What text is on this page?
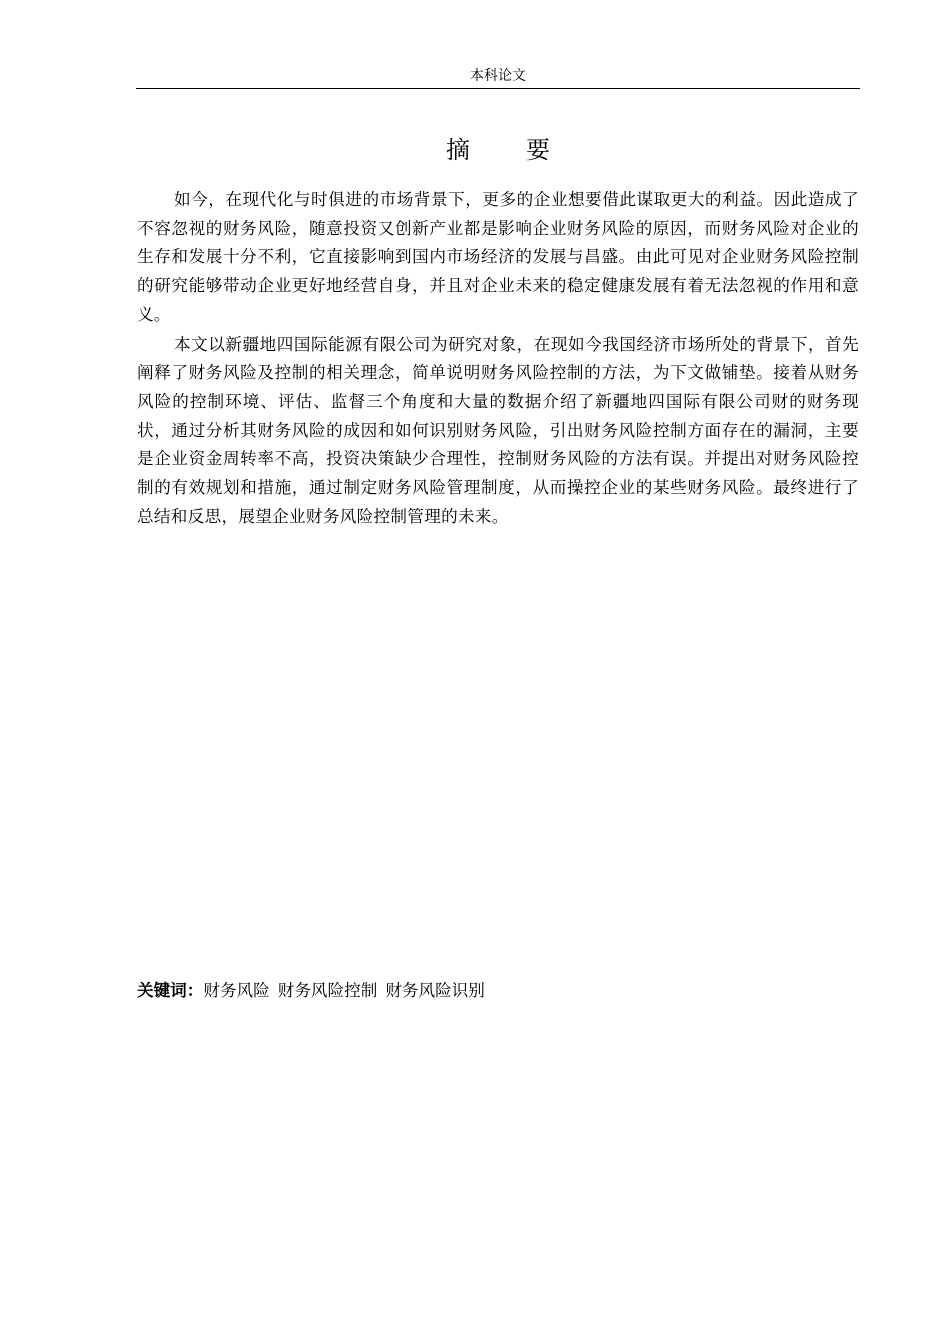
本科论文
摘　要

如今，在现代化与时俱进的市场背景下，更多的企业想要借此谋取更大的利益。因此造成了不容忽视的财务风险，随意投资又创新产业都是影响企业财务风险的原因，而财务风险对企业的生存和发展十分不利，它直接影响到国内市场经济的发展与昌盛。由此可见对企业财务风险控制的研究能够带动企业更好地经营自身，并且对企业未来的稳定健康发展有着无法忽视的作用和意义。

本文以新疆地四国际能源有限公司为研究对象，在现如今我国经济市场所处的背景下，首先阐释了财务风险及控制的相关理念，简单说明财务风险控制的方法，为下文做铺垫。接着从财务风险的控制环境、评估、监督三个角度和大量的数据介绍了新疆地四国际有限公司财的财务现状，通过分析其财务风险的成因和如何识别财务风险，引出财务风险控制方面存在的漏洞，主要是企业资金周转率不高，投资决策缺少合理性，控制财务风险的方法有误。并提出对财务风险控制的有效规划和措施，通过制定财务风险管理制度，从而操控企业的某些财务风险。最终进行了总结和反思，展望企业财务风险控制管理的未来。

关键词：财务风险 财务风险控制 财务风险识别
